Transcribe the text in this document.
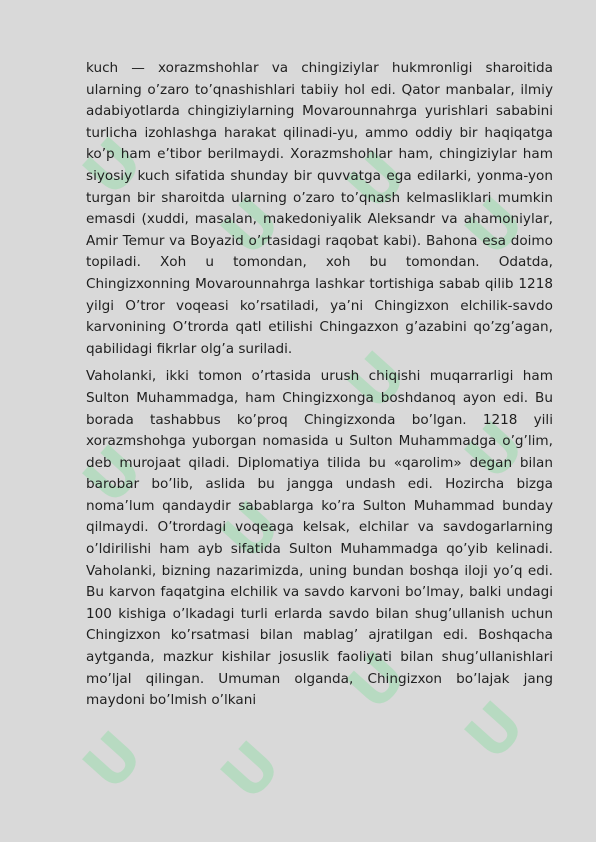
U
U
U
U
U
U
U
U
U U
U
U

kuch — xorazmshohlar va chingiziylar hukmronligi sharoitida ularning o’zaro to’qnashishlari tabiiy hol edi. Qator manbalar, ilmiy adabiyotlarda chingiziylarning Movarounnahrga yurishlari sababini turlicha izohlashga harakat qilinadi-yu, ammo oddiy bir haqiqatga ko’p ham e’tibor berilmaydi. Xorazmshohlar ham, chingiziylar ham siyosiy kuch sifatida shunday bir quvvatga ega edilarki, yonma-yon turgan bir sharoitda ularning o’zaro to’qnash kelmasliklari mumkin emasdi (xuddi, masalan, makedoniyalik Aleksandr va ahamoniylar, Amir Temur va Boyazid o’rtasidagi raqobat kabi). Bahona esa doimo topiladi. Xoh u tomondan, xoh bu tomondan. Odatda, Chingizxonning Movarounnahrga lashkar tortishiga sabab qilib 1218 yilgi O’tror voqeasi ko’rsatiladi, ya’ni Chingizxon elchilik-savdo karvonining O’trorda qatl etilishi Chingazxon g’azabini qo’zg’agan, qabilidagi fikrlar olg’a suriladi.

Vaholanki, ikki tomon o’rtasida urush chiqishi muqarrarligi ham Sulton Muhammadga, ham Chingizxonga boshdanoq ayon edi. Bu borada tashabbus ko’proq Chingizxonda bo’lgan. 1218 yili xorazmshohga yuborgan nomasida u Sulton Muhammadga o’g’lim, deb murojaat qiladi. Diplomatiya tilida bu «qarolim» degan bilan barobar bo’lib, aslida bu jangga undash edi. Hozircha bizga noma’lum qandaydir sabablarga ko’ra Sulton Muhammad bunday qilmaydi. O’trordagi voqeaga kelsak, elchilar va savdogarlarning o’ldirilishi ham ayb sifatida Sulton Muhammadga qo’yib kelinadi. Vaholanki, bizning nazarimizda, uning bundan boshqa iloji yo’q edi. Bu karvon faqatgina elchilik va savdo karvoni bo’lmay, balki undagi 100 kishiga o’lkadagi turli erlarda savdo bilan shug’ullanish uchun Chingizxon ko’rsatmasi bilan mablag’ ajratilgan edi. Boshqacha aytganda, mazkur kishilar josuslik faoliyati bilan shug’ullanishlari mo’ljal qilingan. Umuman olganda, Chingizxon bo’lajak jang maydoni bo’lmish o’lkani
